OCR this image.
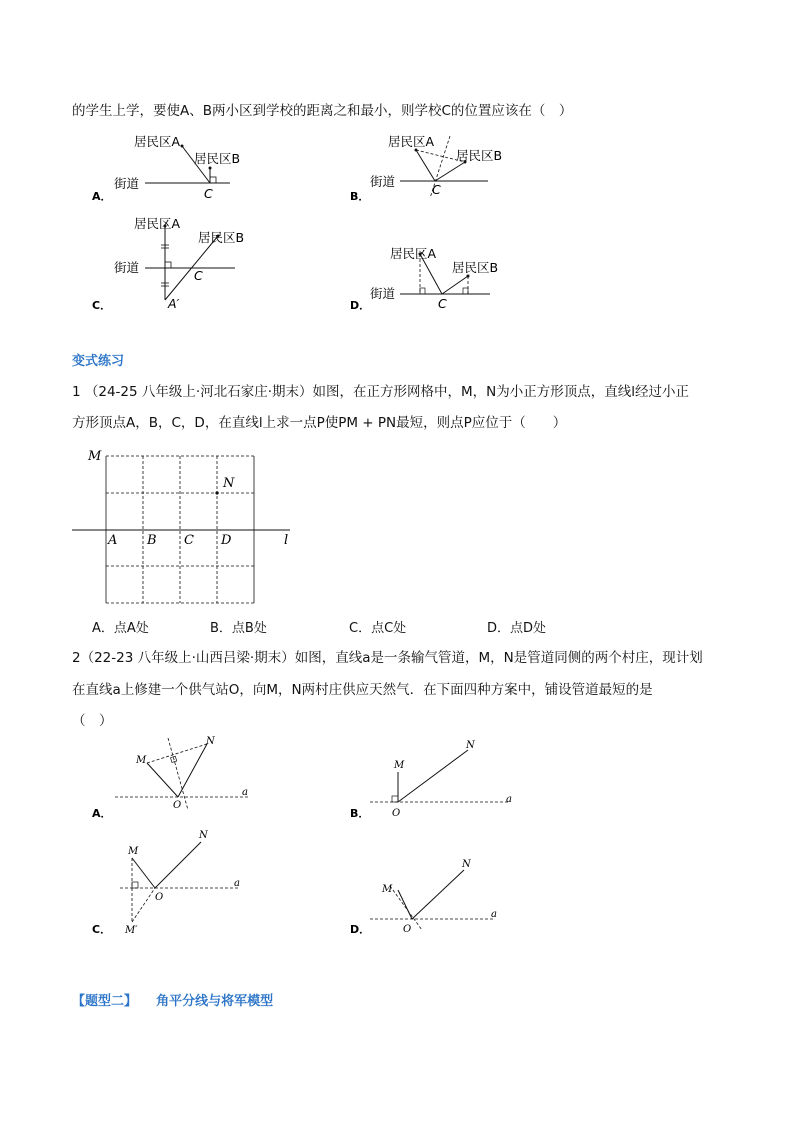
的学生上学，要使A、B两小区到学校的距离之和最小，则学校C的位置应该在（　）
居民区A
居民区B
街道
C
A．
居民区A
居民区B
街道
C
B．
居民区A
居民区B
街道
C
A′
C．
居民区A
居民区B
街道
C
D．
变式练习
1 （24-25 八年级上·河北石家庄·期末）如图，在正方形网格中，M，N为小正方形顶点，直线l经过小正
方形顶点A，B，C，D，在直线l上求一点P使PM + PN最短，则点P应位于（　　）
M
N
A B C D	l
A．点A处	B．点B处	C．点C处	D．点D处
2（22-23 八年级上·山西吕梁·期末）如图，直线a是一条输气管道，M，N是管道同侧的两个村庄，现计划
在直线a上修建一个供气站O，向M，N两村庄供应天然气．在下面四种方案中，铺设管道最短的是
（　）
M
N
O
a
A．
M
N
O
a
B．
M
N
O
a
M′
C．
M
N
O
a
D．
【题型二】 角平分线与将军模型
